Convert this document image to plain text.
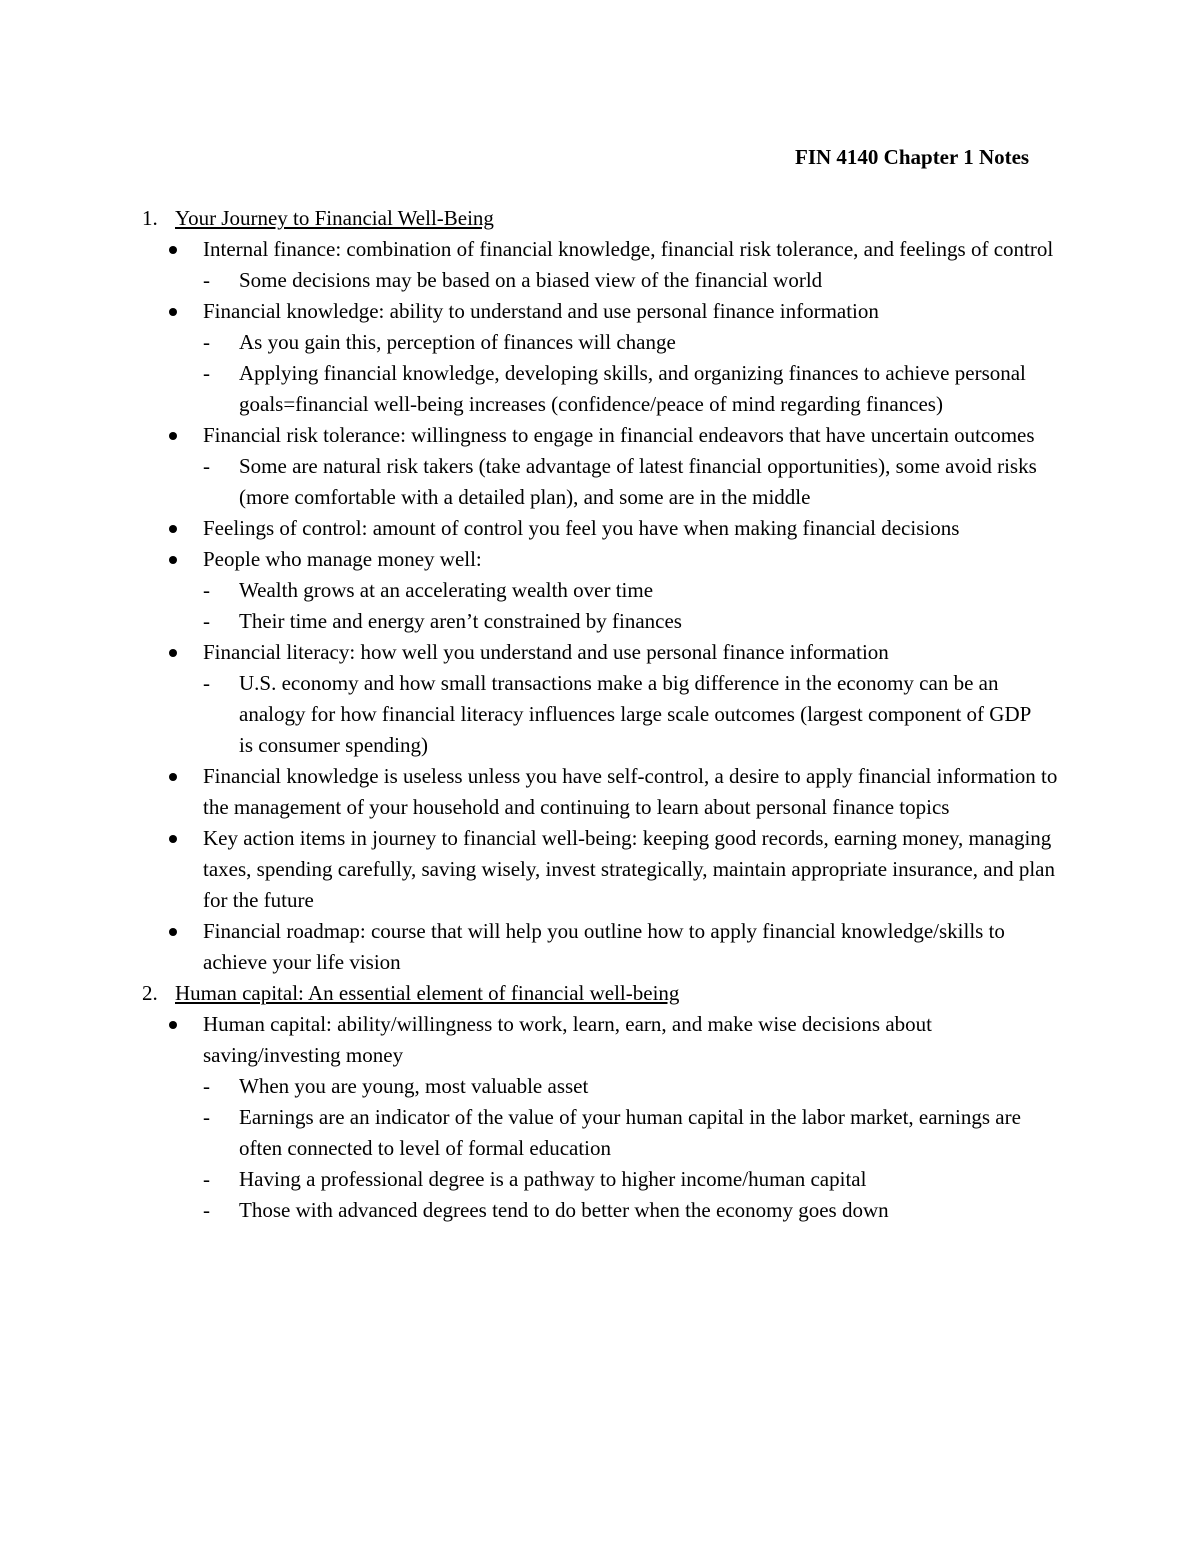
FIN 4140 Chapter 1 Notes
1. Your Journey to Financial Well-Being
Internal finance: combination of financial knowledge, financial risk tolerance, and feelings of control
- Some decisions may be based on a biased view of the financial world
Financial knowledge: ability to understand and use personal finance information
- As you gain this, perception of finances will change
- Applying financial knowledge, developing skills, and organizing finances to achieve personal goals=financial well-being increases (confidence/peace of mind regarding finances)
Financial risk tolerance: willingness to engage in financial endeavors that have uncertain outcomes
- Some are natural risk takers (take advantage of latest financial opportunities), some avoid risks (more comfortable with a detailed plan), and some are in the middle
Feelings of control: amount of control you feel you have when making financial decisions
People who manage money well:
- Wealth grows at an accelerating wealth over time
- Their time and energy aren’t constrained by finances
Financial literacy: how well you understand and use personal finance information
- U.S. economy and how small transactions make a big difference in the economy can be an analogy for how financial literacy influences large scale outcomes (largest component of GDP is consumer spending)
Financial knowledge is useless unless you have self-control, a desire to apply financial information to the management of your household and continuing to learn about personal finance topics
Key action items in journey to financial well-being: keeping good records, earning money, managing taxes, spending carefully, saving wisely, invest strategically, maintain appropriate insurance, and plan for the future
Financial roadmap: course that will help you outline how to apply financial knowledge/skills to achieve your life vision
2. Human capital: An essential element of financial well-being
Human capital: ability/willingness to work, learn, earn, and make wise decisions about saving/investing money
- When you are young, most valuable asset
- Earnings are an indicator of the value of your human capital in the labor market, earnings are often connected to level of formal education
- Having a professional degree is a pathway to higher income/human capital
- Those with advanced degrees tend to do better when the economy goes down
